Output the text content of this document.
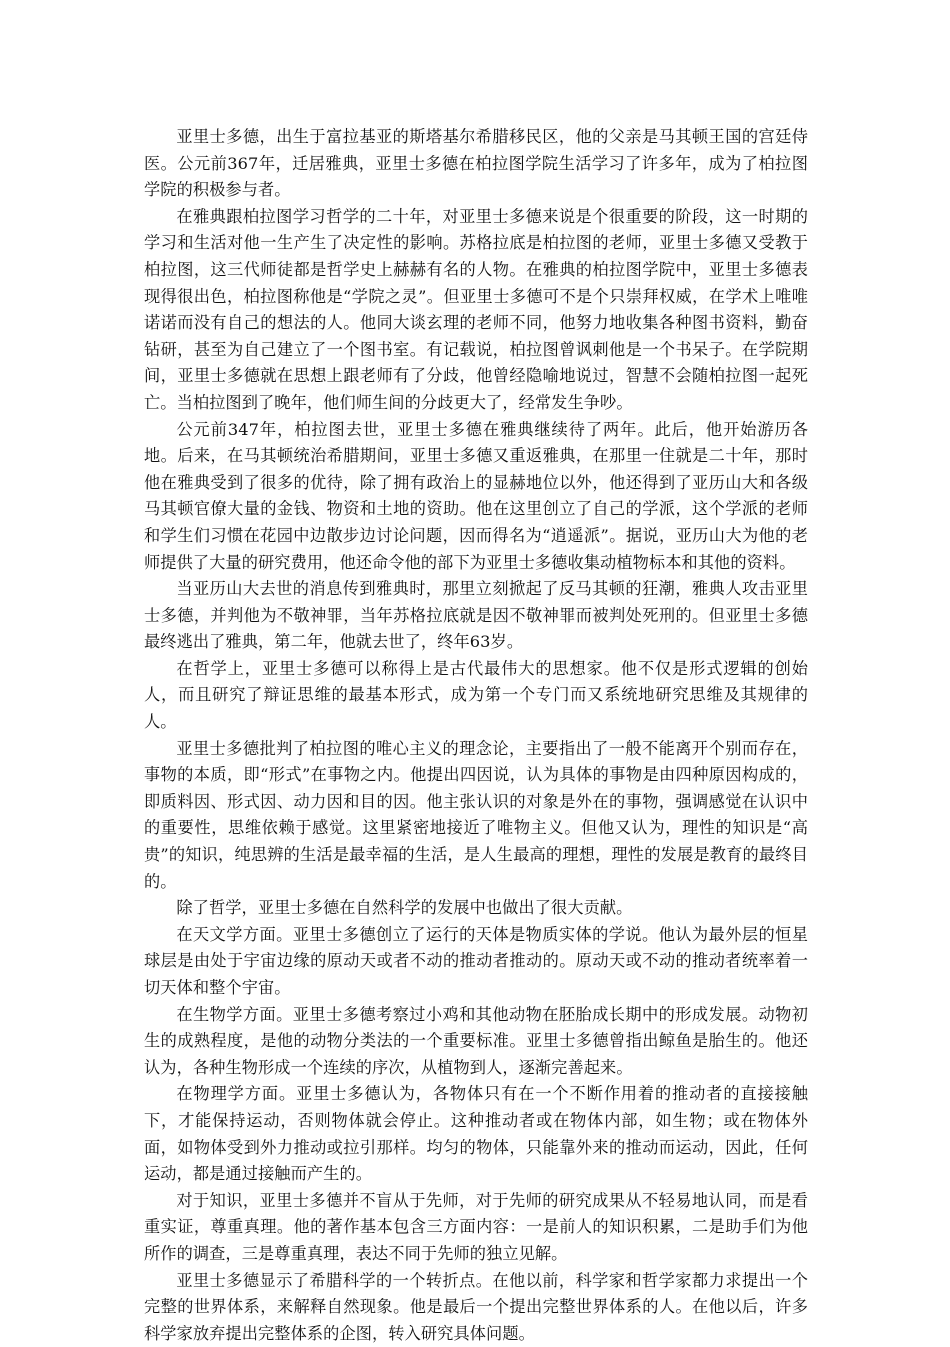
亚里士多德，出生于富拉基亚的斯塔基尔希腊移民区，他的父亲是马其顿王国的宫廷侍医。公元前367年，迁居雅典，亚里士多德在柏拉图学院生活学习了许多年，成为了柏拉图学院的积极参与者。

在雅典跟柏拉图学习哲学的二十年，对亚里士多德来说是个很重要的阶段，这一时期的学习和生活对他一生产生了决定性的影响。苏格拉底是柏拉图的老师，亚里士多德又受教于柏拉图，这三代师徒都是哲学史上赫赫有名的人物。在雅典的柏拉图学院中，亚里士多德表现得很出色，柏拉图称他是“学院之灵”。但亚里士多德可不是个只崇拜权威，在学术上唯唯诺诺而没有自己的想法的人。他同大谈玄理的老师不同，他努力地收集各种图书资料，勤奋钻研，甚至为自己建立了一个图书室。有记载说，柏拉图曾讽刺他是一个书呆子。在学院期间，亚里士多德就在思想上跟老师有了分歧，他曾经隐喻地说过，智慧不会随柏拉图一起死亡。当柏拉图到了晚年，他们师生间的分歧更大了，经常发生争吵。

公元前347年，柏拉图去世，亚里士多德在雅典继续待了两年。此后，他开始游历各地。后来，在马其顿统治希腊期间，亚里士多德又重返雅典，在那里一住就是二十年，那时他在雅典受到了很多的优待，除了拥有政治上的显赫地位以外，他还得到了亚历山大和各级马其顿官僚大量的金钱、物资和土地的资助。他在这里创立了自己的学派，这个学派的老师和学生们习惯在花园中边散步边讨论问题，因而得名为“逍遥派”。据说，亚历山大为他的老师提供了大量的研究费用，他还命令他的部下为亚里士多德收集动植物标本和其他的资料。

当亚历山大去世的消息传到雅典时，那里立刻掀起了反马其顿的狂潮，雅典人攻击亚里士多德，并判他为不敬神罪，当年苏格拉底就是因不敬神罪而被判处死刑的。但亚里士多德最终逃出了雅典，第二年，他就去世了，终年63岁。

在哲学上，亚里士多德可以称得上是古代最伟大的思想家。他不仅是形式逻辑的创始人，而且研究了辩证思维的最基本形式，成为第一个专门而又系统地研究思维及其规律的人。

亚里士多德批判了柏拉图的唯心主义的理念论，主要指出了一般不能离开个别而存在，事物的本质，即“形式”在事物之内。他提出四因说，认为具体的事物是由四种原因构成的，即质料因、形式因、动力因和目的因。他主张认识的对象是外在的事物，强调感觉在认识中的重要性，思维依赖于感觉。这里紧密地接近了唯物主义。但他又认为，理性的知识是“高贵”的知识，纯思辨的生活是最幸福的生活，是人生最高的理想，理性的发展是教育的最终目的。

除了哲学，亚里士多德在自然科学的发展中也做出了很大贡献。

在天文学方面。亚里士多德创立了运行的天体是物质实体的学说。他认为最外层的恒星球层是由处于宇宙边缘的原动天或者不动的推动者推动的。原动天或不动的推动者统率着一切天体和整个宇宙。

在生物学方面。亚里士多德考察过小鸡和其他动物在胚胎成长期中的形成发展。动物初生的成熟程度，是他的动物分类法的一个重要标准。亚里士多德曾指出鲸鱼是胎生的。他还认为，各种生物形成一个连续的序次，从植物到人，逐渐完善起来。

在物理学方面。亚里士多德认为，各物体只有在一个不断作用着的推动者的直接接触下，才能保持运动，否则物体就会停止。这种推动者或在物体内部，如生物；或在物体外面，如物体受到外力推动或拉引那样。均匀的物体，只能靠外来的推动而运动，因此，任何运动，都是通过接触而产生的。

对于知识，亚里士多德并不盲从于先师，对于先师的研究成果从不轻易地认同，而是看重实证，尊重真理。他的著作基本包含三方面内容：一是前人的知识积累，二是助手们为他所作的调查，三是尊重真理，表达不同于先师的独立见解。

亚里士多德显示了希腊科学的一个转折点。在他以前，科学家和哲学家都力求提出一个完整的世界体系，来解释自然现象。他是最后一个提出完整世界体系的人。在他以后，许多科学家放弃提出完整体系的企图，转入研究具体问题。
